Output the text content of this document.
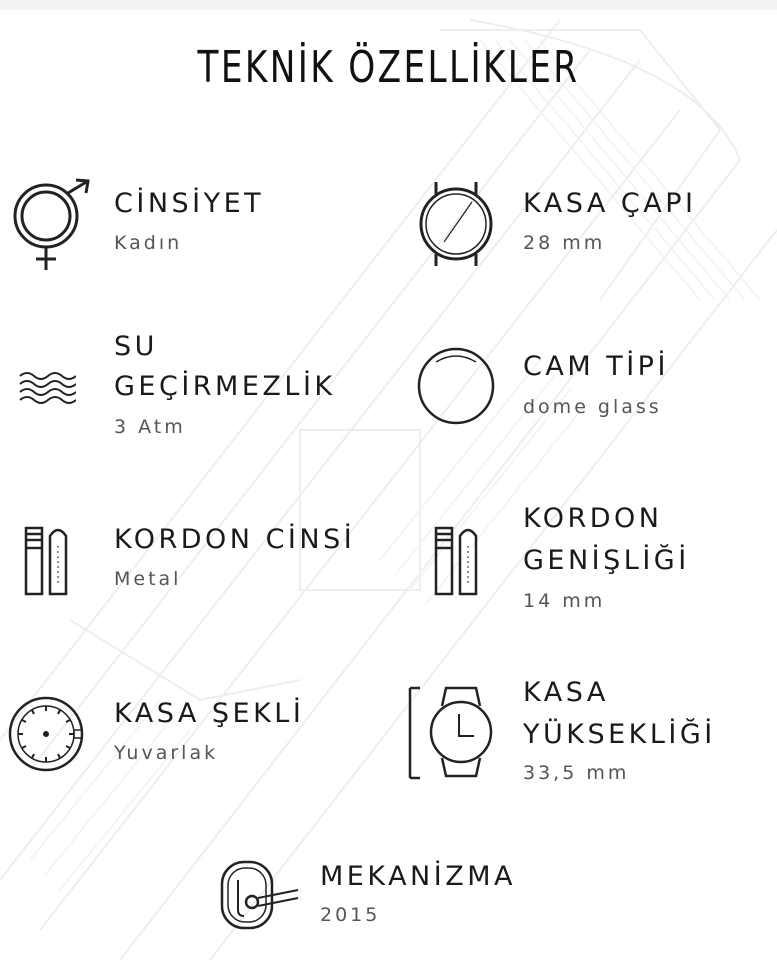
TEKNİK ÖZELLİKLER
CİNSİYET
Kadın
KASA ÇAPI
28 mm
SU
GEÇİRMEZLİK
3 Atm
CAM TİPİ
dome glass
KORDON CİNSİ
Metal
KORDON
GENİŞLİĞİ
14 mm
KASA ŞEKLİ
Yuvarlak
KASA
YÜKSEKLİĞİ
33,5 mm
MEKANİZMA
2015
